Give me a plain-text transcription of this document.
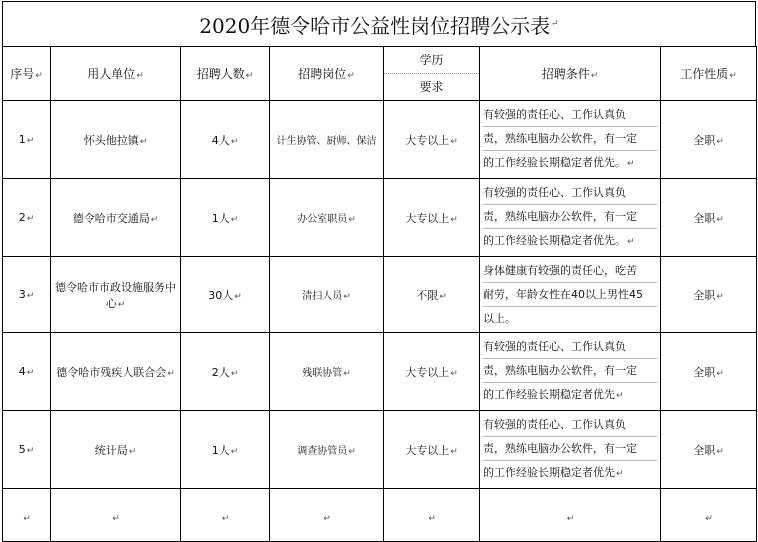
2020年德令哈市公益性岗位招聘公示表 ↵
序号↵	用人单位↵	招聘人数↵	招聘岗位↵	学历
要求	招聘条件↵	工作性质↵
1↵	怀头他拉镇↵	4人↵	计生协管、厨师、保洁	大专以上↵	有较强的责任心、工作认真负
责，熟练电脑办公软件，有一定
的工作经验长期稳定者优先。↵	全职↵
2↵	德令哈市交通局↵	1人↵	办公室职员↵	大专以上↵	有较强的责任心、工作认真负
责，熟练电脑办公软件，有一定
的工作经验长期稳定者优先。↵	全职↵
3↵	德令哈市市政设施服务中心↵	30人↵	清扫人员↵	不限↵	身体健康有较强的责任心，吃苦
耐劳，年龄女性在40以上男性45
以上。	全职↵
4↵	德令哈市残疾人联合会↵	2人↵	残联协管↵	大专以上↵	有较强的责任心、工作认真负
责，熟练电脑办公软件，有一定
的工作经验长期稳定者优先↵	全职↵
5↵	统计局↵	1人↵	调查协管员↵	大专以上↵	有较强的责任心、工作认真负
责，熟练电脑办公软件，有一定
的工作经验长期稳定者优先↵	全职↵
↵	↵	↵	↵	↵	↵	↵
